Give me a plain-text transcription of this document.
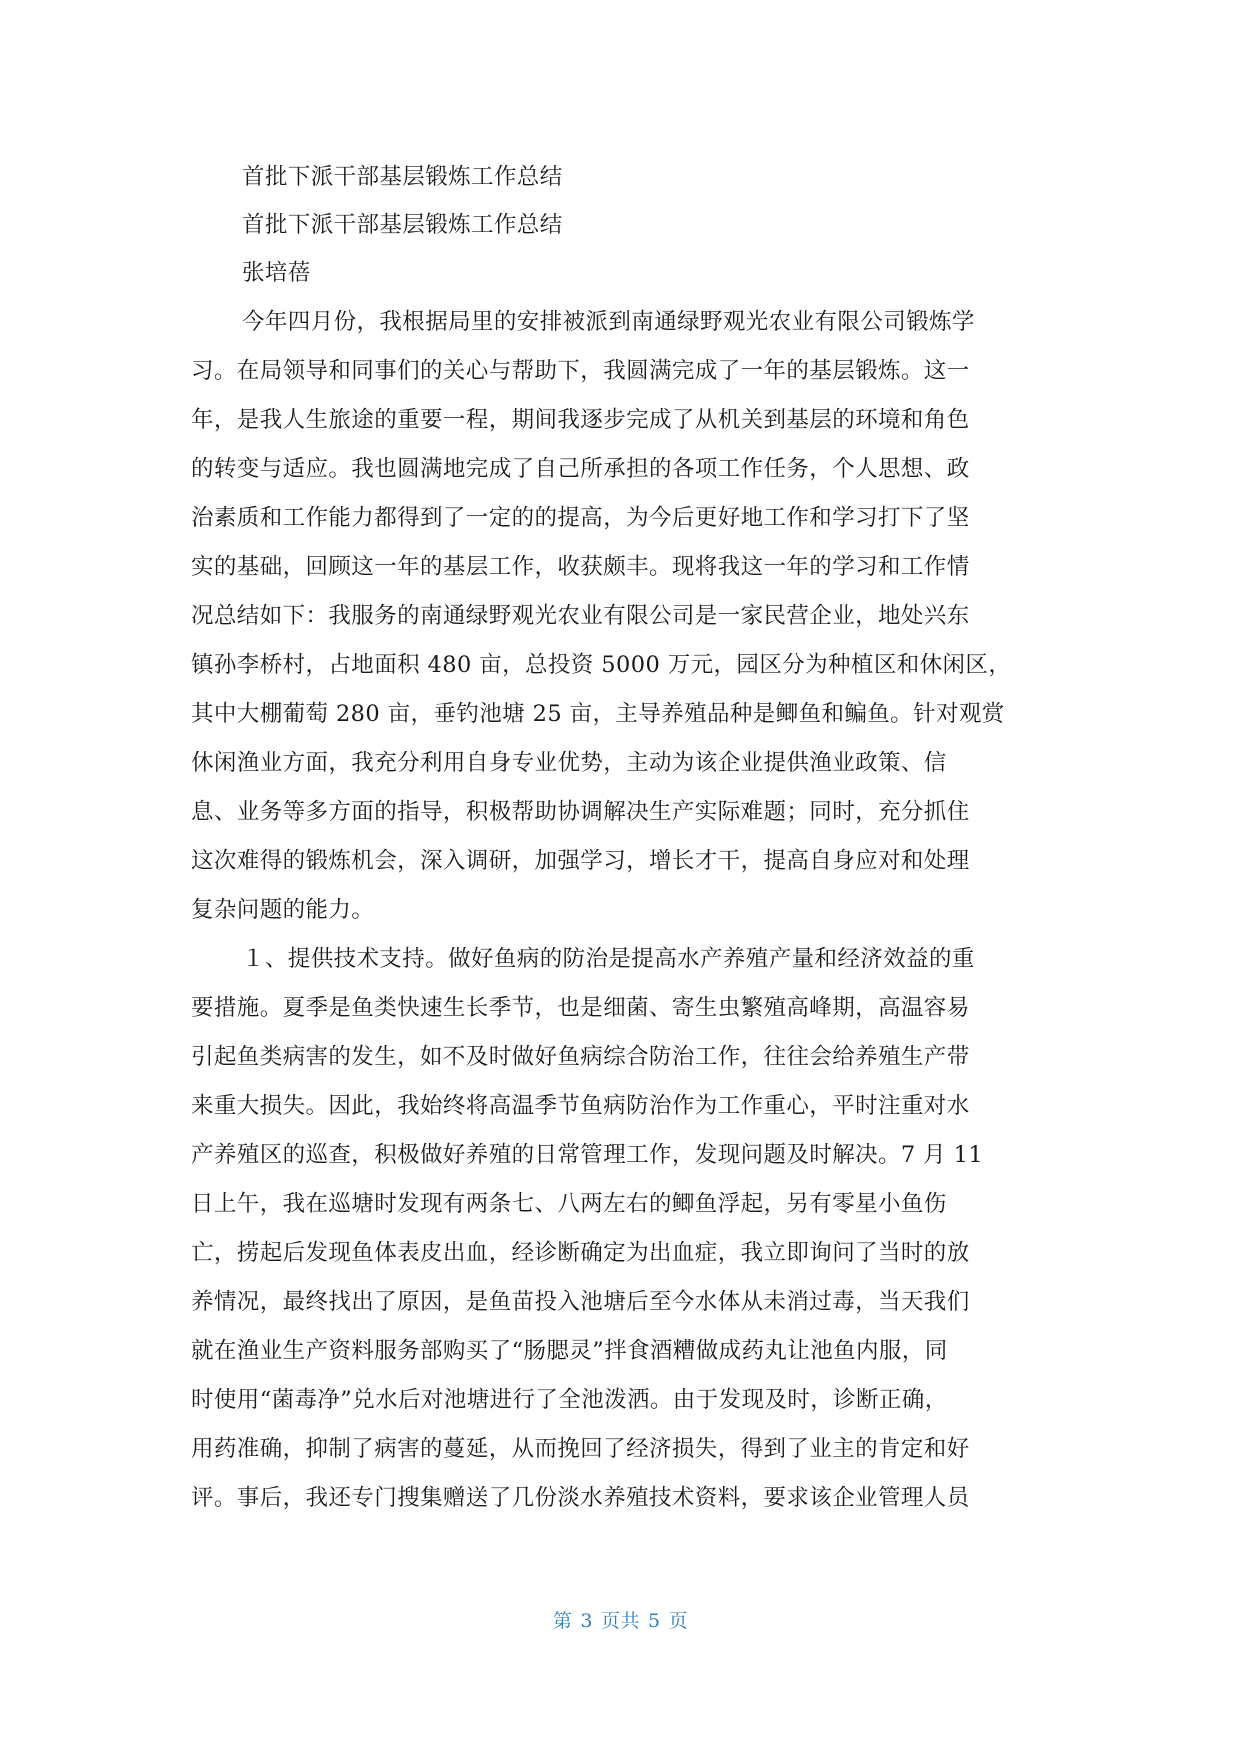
首批下派干部基层锻炼工作总结
首批下派干部基层锻炼工作总结
张培蓓
今年四月份，我根据局里的安排被派到南通绿野观光农业有限公司锻炼学
习。在局领导和同事们的关心与帮助下，我圆满完成了一年的基层锻炼。这一
年，是我人生旅途的重要一程，期间我逐步完成了从机关到基层的环境和角色
的转变与适应。我也圆满地完成了自己所承担的各项工作任务，个人思想、政
治素质和工作能力都得到了一定的的提高，为今后更好地工作和学习打下了坚
实的基础，回顾这一年的基层工作，收获颇丰。现将我这一年的学习和工作情
况总结如下：我服务的南通绿野观光农业有限公司是一家民营企业，地处兴东
镇孙李桥村，占地面积 480 亩，总投资 5000 万元，园区分为种植区和休闲区，
其中大棚葡萄 280 亩，垂钓池塘 25 亩，主导养殖品种是鲫鱼和鳊鱼。针对观赏
休闲渔业方面，我充分利用自身专业优势，主动为该企业提供渔业政策、信
息、业务等多方面的指导，积极帮助协调解决生产实际难题；同时，充分抓住
这次难得的锻炼机会，深入调研，加强学习，增长才干，提高自身应对和处理
复杂问题的能力。
１、提供技术支持。做好鱼病的防治是提高水产养殖产量和经济效益的重
要措施。夏季是鱼类快速生长季节，也是细菌、寄生虫繁殖高峰期，高温容易
引起鱼类病害的发生，如不及时做好鱼病综合防治工作，往往会给养殖生产带
来重大损失。因此，我始终将高温季节鱼病防治作为工作重心，平时注重对水
产养殖区的巡查，积极做好养殖的日常管理工作，发现问题及时解决。7 月 11
日上午，我在巡塘时发现有两条七、八两左右的鲫鱼浮起，另有零星小鱼伤
亡，捞起后发现鱼体表皮出血，经诊断确定为出血症，我立即询问了当时的放
养情况，最终找出了原因，是鱼苗投入池塘后至今水体从未消过毒，当天我们
就在渔业生产资料服务部购买了“肠腮灵”拌食酒糟做成药丸让池鱼内服，同
时使用“菌毒净”兑水后对池塘进行了全池泼洒。由于发现及时，诊断正确，
用药准确，抑制了病害的蔓延，从而挽回了经济损失，得到了业主的肯定和好
评。事后，我还专门搜集赠送了几份淡水养殖技术资料，要求该企业管理人员
第 3 页共 5 页
